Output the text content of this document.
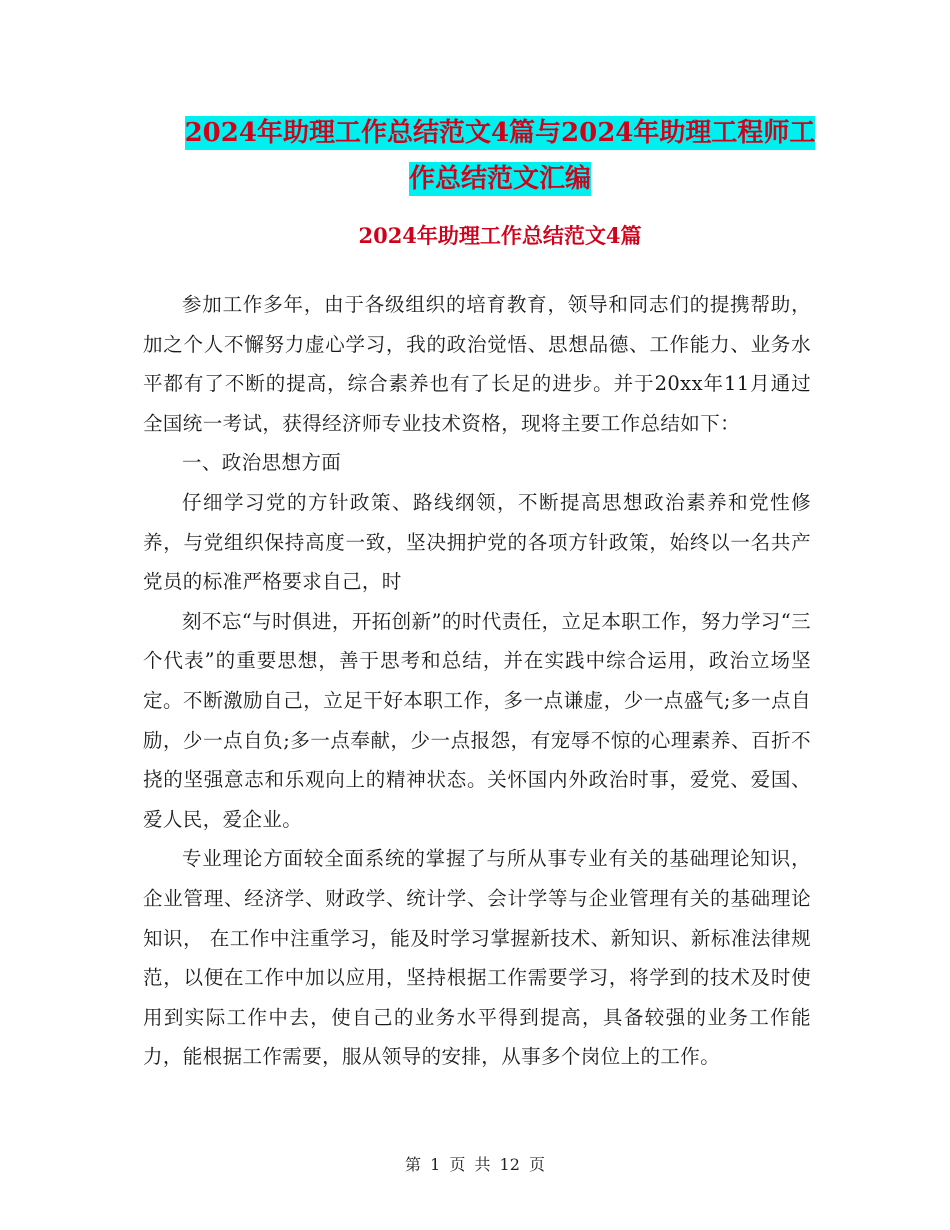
2024年助理工作总结范文4篇与2024年助理工程师工
作总结范文汇编
2024年助理工作总结范文4篇

参加工作多年，由于各级组织的培育教育，领导和同志们的提携帮助，加之个人不懈努力虚心学习，我的政治觉悟、思想品德、工作能力、业务水平都有了不断的提高，综合素养也有了长足的进步。并于20xx年11月通过全国统一考试，获得经济师专业技术资格，现将主要工作总结如下：

一、政治思想方面

仔细学习党的方针政策、路线纲领，不断提高思想政治素养和党性修养，与党组织保持高度一致，坚决拥护党的各项方针政策，始终以一名共产党员的标准严格要求自己，时

刻不忘“与时俱进，开拓创新”的时代责任，立足本职工作，努力学习“三个代表”的重要思想，善于思考和总结，并在实践中综合运用，政治立场坚定。不断激励自己，立足干好本职工作，多一点谦虚，少一点盛气;多一点自励，少一点自负;多一点奉献，少一点报怨，有宠辱不惊的心理素养、百折不挠的坚强意志和乐观向上的精神状态。关怀国内外政治时事，爱党、爱国、爱人民，爱企业。

专业理论方面较全面系统的掌握了与所从事专业有关的基础理论知识，企业管理、经济学、财政学、统计学、会计学等与企业管理有关的基础理论知识， 在工作中注重学习，能及时学习掌握新技术、新知识、新标准法律规范，以便在工作中加以应用，坚持根据工作需要学习，将学到的技术及时使用到实际工作中去，使自己的业务水平得到提高，具备较强的业务工作能力，能根据工作需要，服从领导的安排，从事多个岗位上的工作。

第 1 页 共 12 页
